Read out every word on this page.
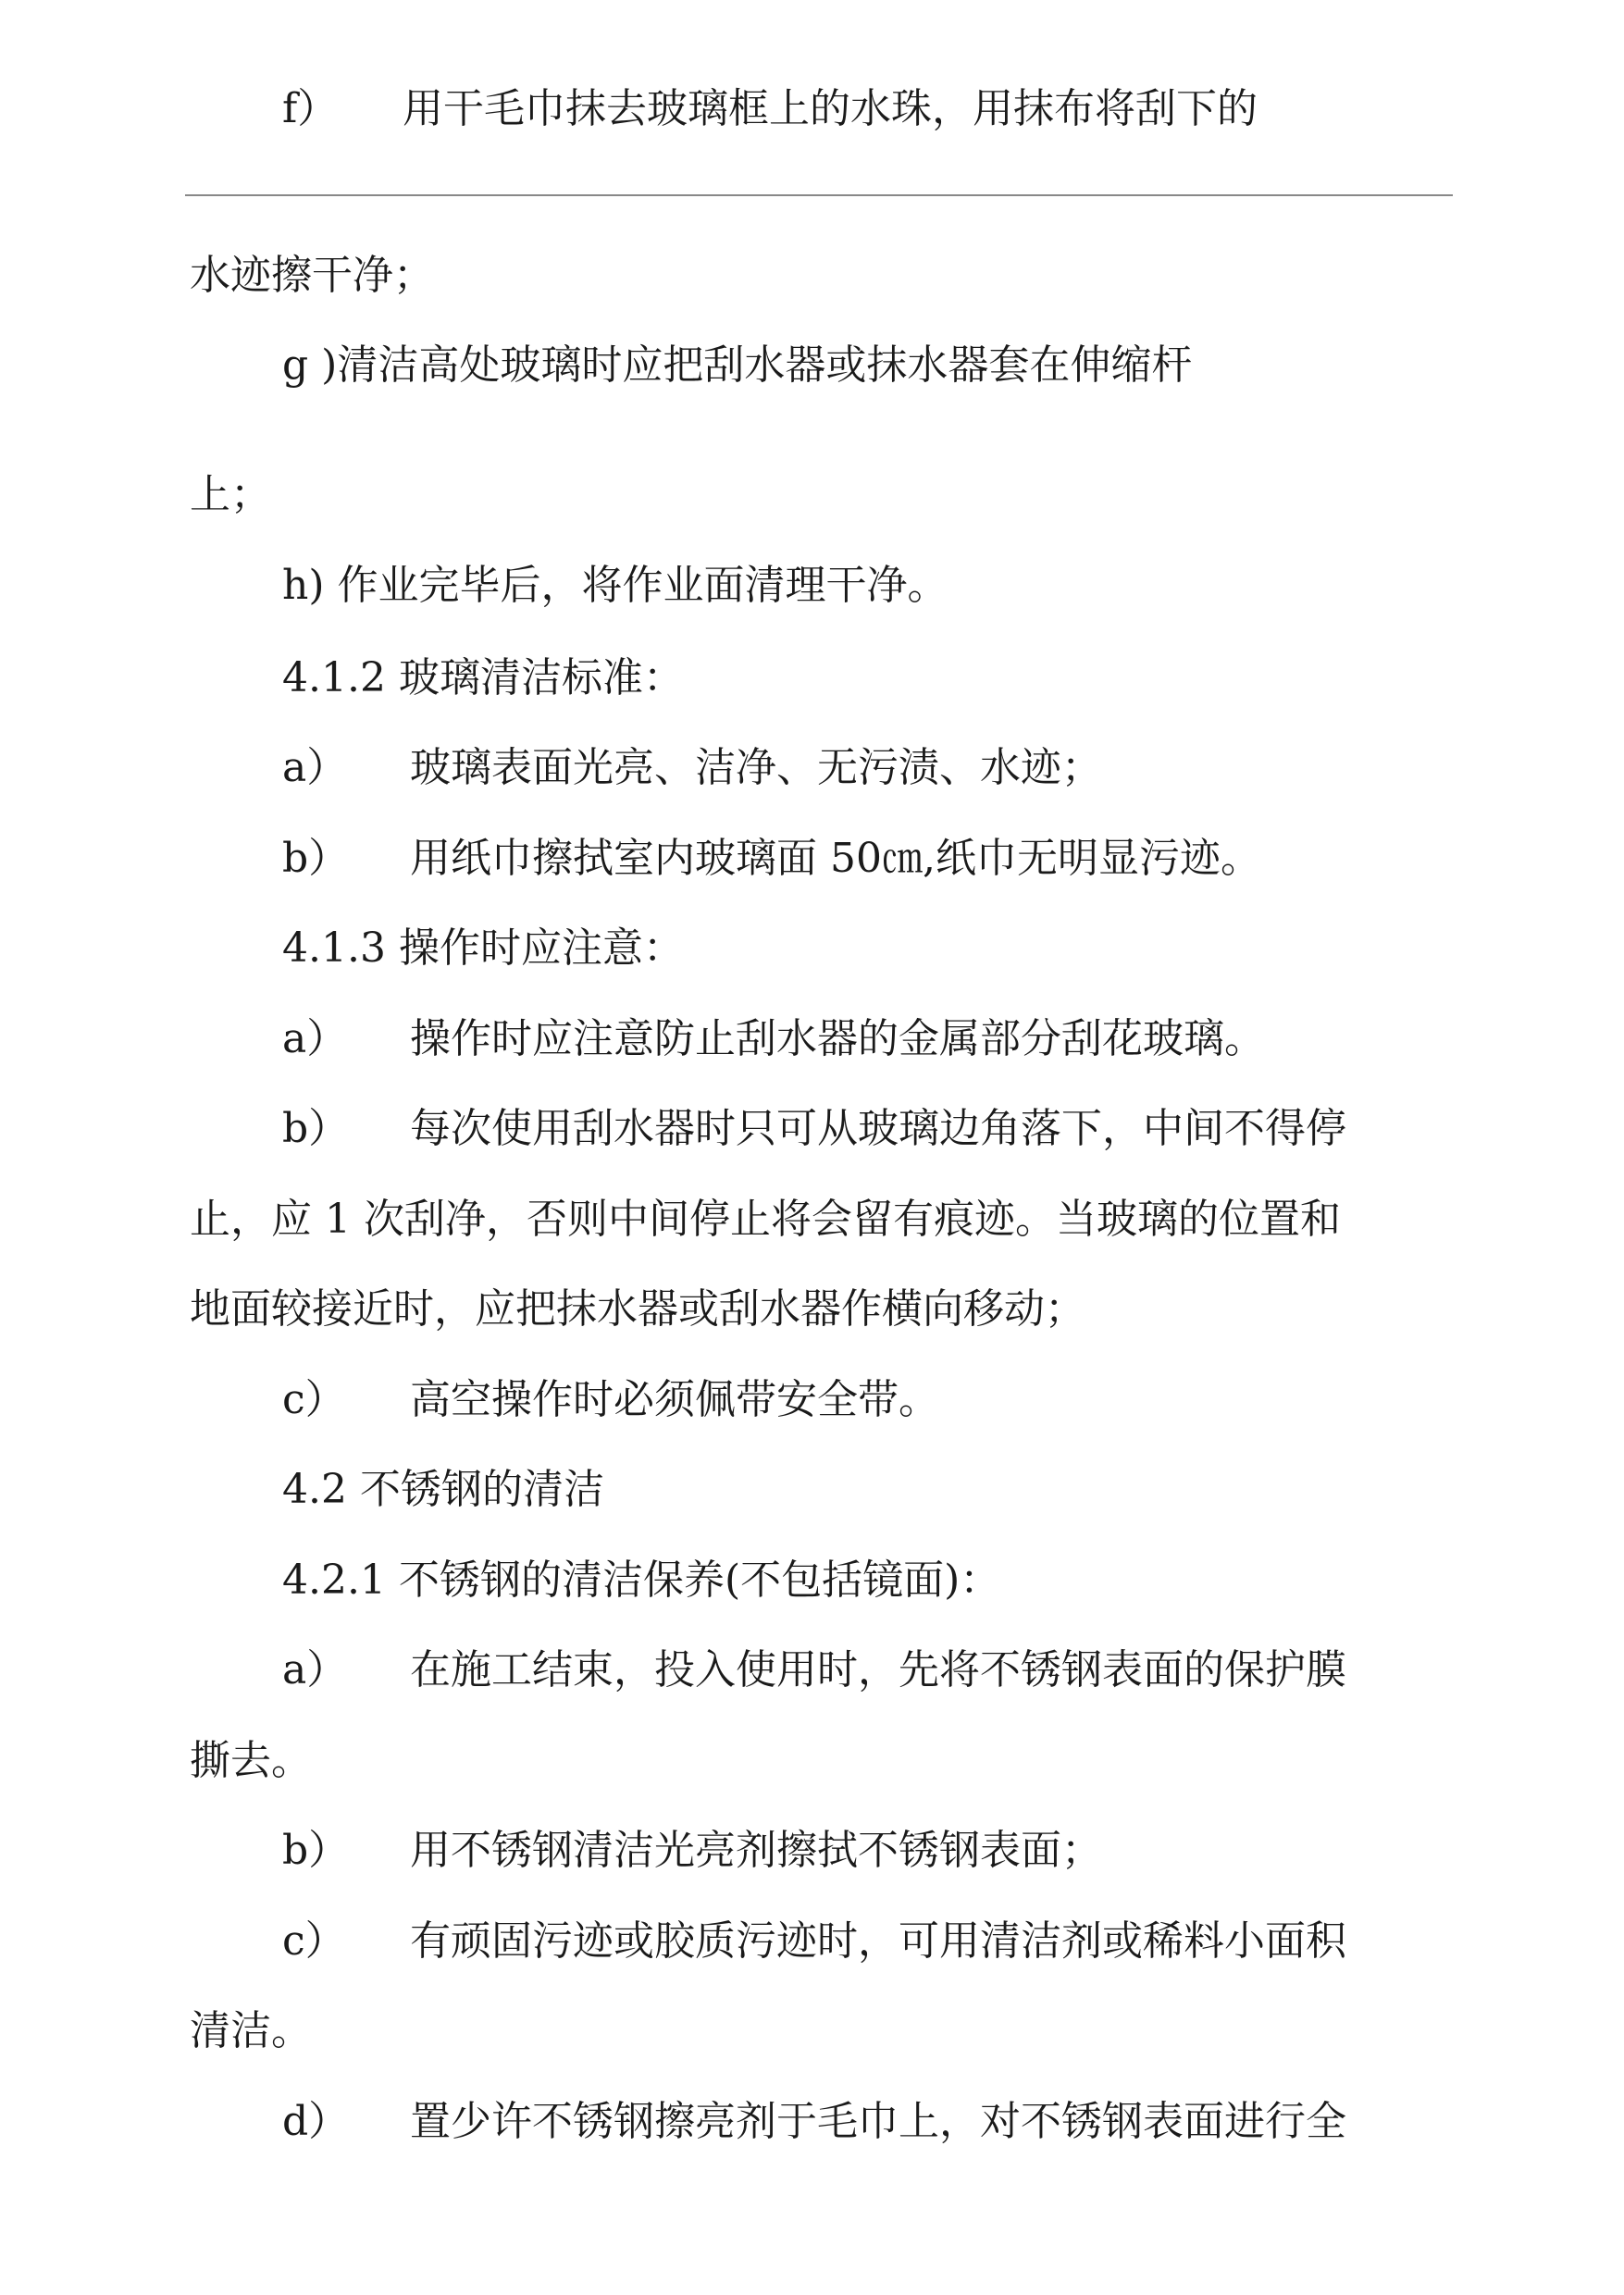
f） 用干毛巾抹去玻璃框上的水珠，用抹布将刮下的

水迹擦干净；

g )清洁高处玻璃时应把刮水器或抹水器套在伸缩杆

上；

h) 作业完毕后，将作业面清理干净。

4.1.2 玻璃清洁标准：

a） 玻璃表面光亮、洁净、无污渍、水迹；

b） 用纸巾擦拭室内玻璃面 50㎝,纸巾无明显污迹。

4.1.3 操作时应注意：

a） 操作时应注意防止刮水器的金属部分刮花玻璃。

b） 每次使用刮水器时只可从玻璃边角落下，中间不得停

止，应 1 次刮净，否则中间停止将会留有痕迹。当玻璃的位置和

地面较接近时，应把抹水器或刮水器作横向移动；

c） 高空操作时必须佩带安全带。

4.2 不锈钢的清洁

4.2.1 不锈钢的清洁保养(不包括镜面)：

a） 在施工结束，投入使用时，先将不锈钢表面的保护膜

撕去。

b） 用不锈钢清洁光亮剂擦拭不锈钢表面；

c） 有顽固污迹或胶质污迹时，可用清洁剂或稀料小面积

清洁。

d） 置少许不锈钢擦亮剂于毛巾上，对不锈钢表面进行全
